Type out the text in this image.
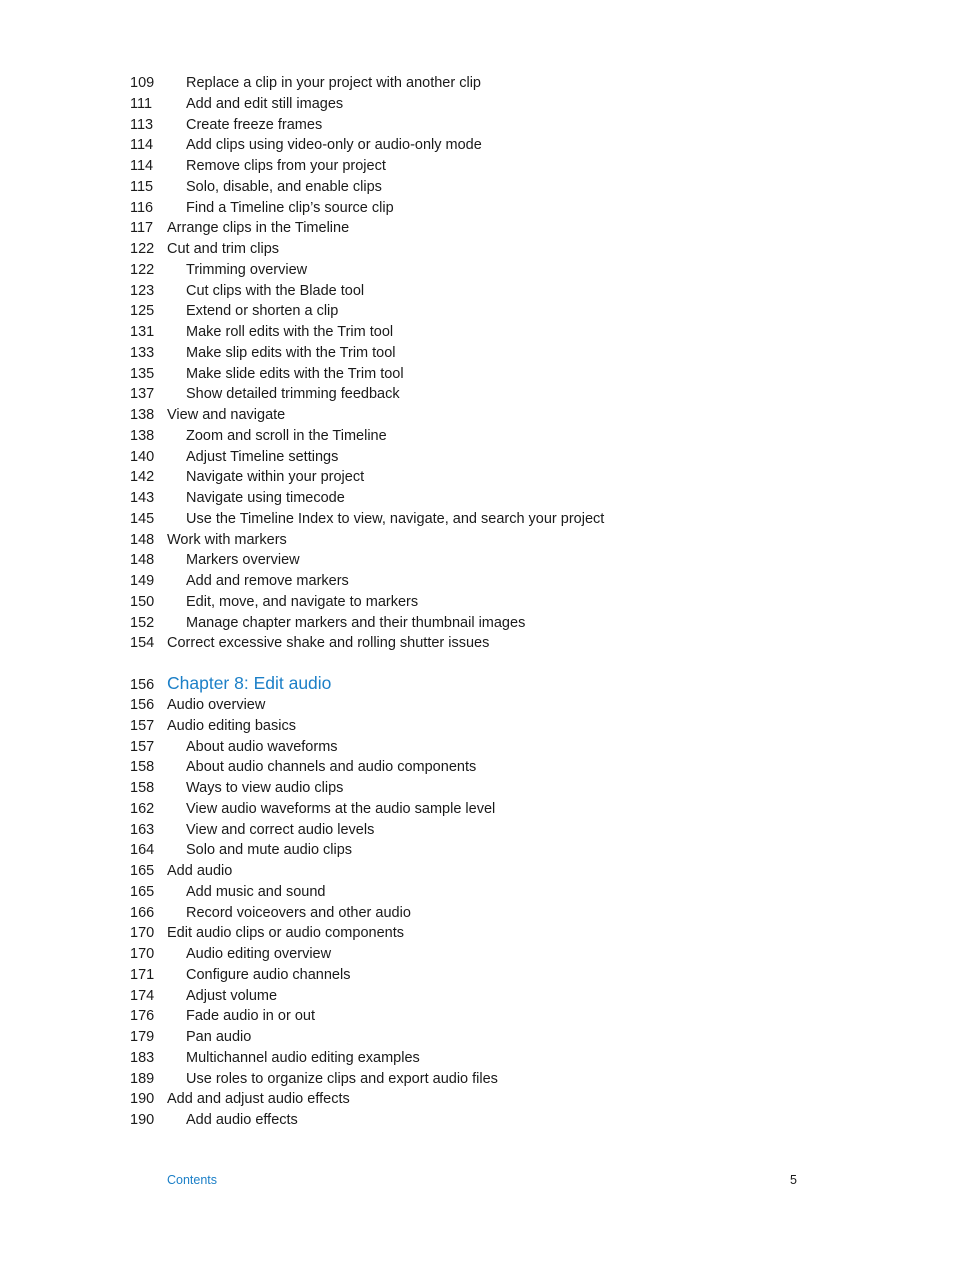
109	Replace a clip in your project with another clip
111	Add and edit still images
113	Create freeze frames
114	Add clips using video-only or audio-only mode
114	Remove clips from your project
115	Solo, disable, and enable clips
116	Find a Timeline clip’s source clip
117 Arrange clips in the Timeline
122 Cut and trim clips
122	Trimming overview
123	Cut clips with the Blade tool
125	Extend or shorten a clip
131	Make roll edits with the Trim tool
133	Make slip edits with the Trim tool
135	Make slide edits with the Trim tool
137	Show detailed trimming feedback
138 View and navigate
138	Zoom and scroll in the Timeline
140	Adjust Timeline settings
142	Navigate within your project
143	Navigate using timecode
145	Use the Timeline Index to view, navigate, and search your project
148 Work with markers
148	Markers overview
149	Add and remove markers
150	Edit, move, and navigate to markers
152	Manage chapter markers and their thumbnail images
154 Correct excessive shake and rolling shutter issues
156 Chapter 8: Edit audio
156 Audio overview
157 Audio editing basics
157	About audio waveforms
158	About audio channels and audio components
158	Ways to view audio clips
162	View audio waveforms at the audio sample level
163	View and correct audio levels
164	Solo and mute audio clips
165 Add audio
165	Add music and sound
166	Record voiceovers and other audio
170 Edit audio clips or audio components
170	Audio editing overview
171	Configure audio channels
174	Adjust volume
176	Fade audio in or out
179	Pan audio
183	Multichannel audio editing examples
189	Use roles to organize clips and export audio files
190 Add and adjust audio effects
190	Add audio effects
Contents	5
